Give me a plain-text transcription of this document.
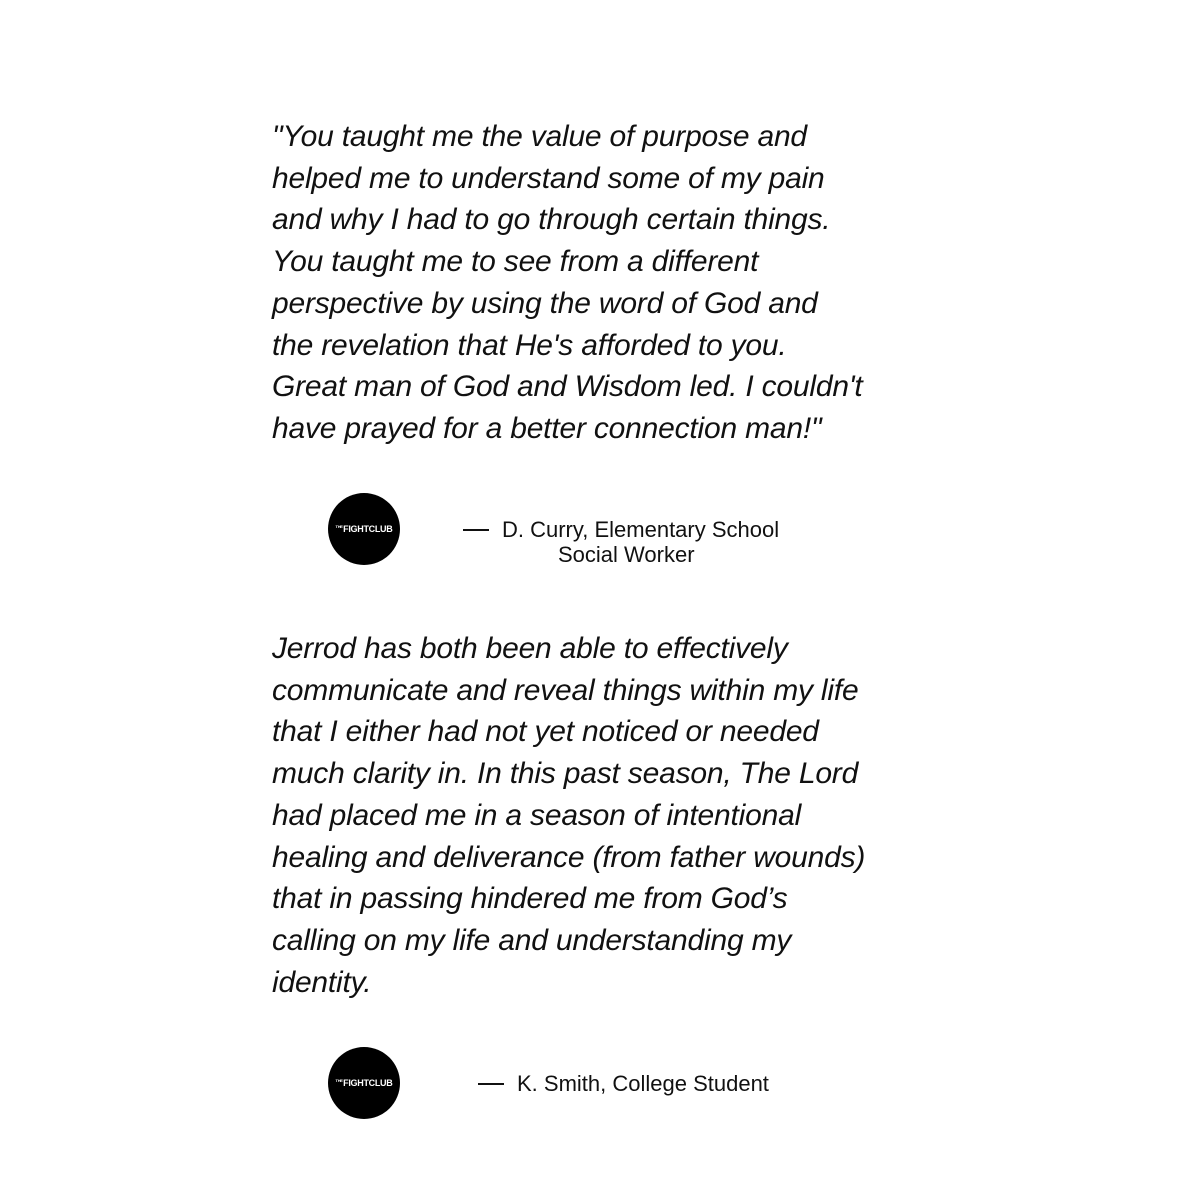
"You taught me the value of purpose and
helped me to understand some of my pain
and why I had to go through certain things.
You taught me to see from a different
perspective by using the word of God and
the revelation that He's afforded to you.
Great man of God and Wisdom led. I couldn't
have prayed for a better connection man!"

THE FIGHTCLUB	D. Curry, Elementary School
Social Worker

Jerrod has both been able to effectively
communicate and reveal things within my life
that I either had not yet noticed or needed
much clarity in. In this past season, The Lord
had placed me in a season of intentional
healing and deliverance (from father wounds)
that in passing hindered me from God’s
calling on my life and understanding my
identity.

THE FIGHTCLUB	K. Smith, College Student
